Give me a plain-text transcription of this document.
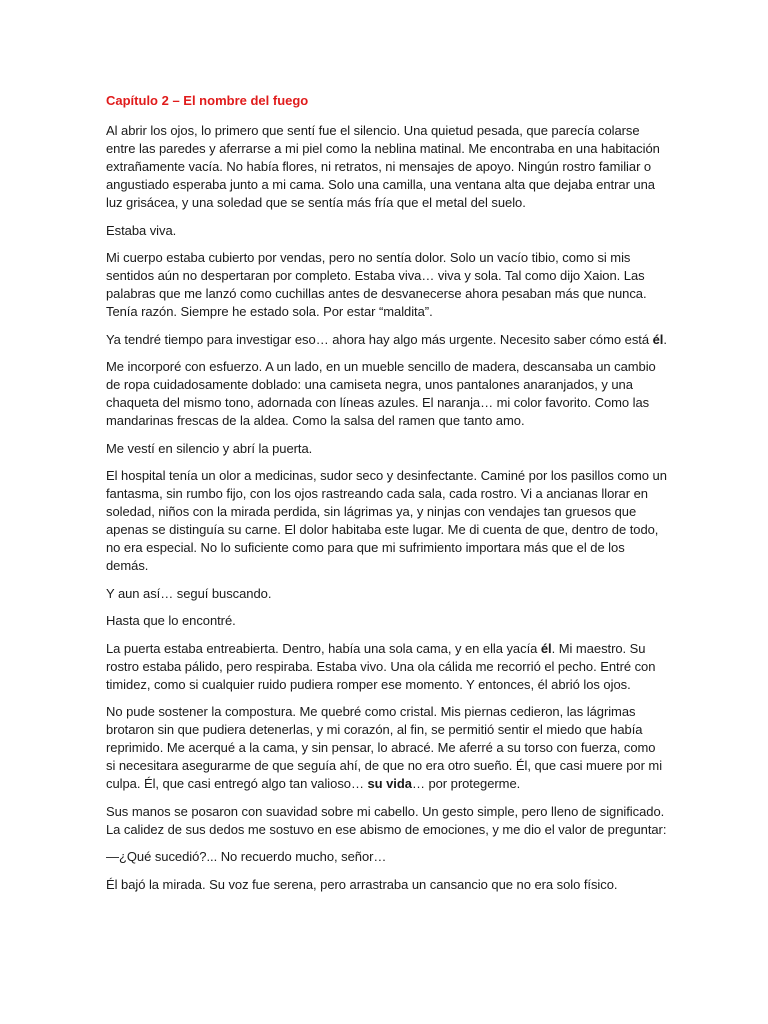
Capítulo 2 – El nombre del fuego

Al abrir los ojos, lo primero que sentí fue el silencio. Una quietud pesada, que parecía colarse entre las paredes y aferrarse a mi piel como la neblina matinal. Me encontraba en una habitación extrañamente vacía. No había flores, ni retratos, ni mensajes de apoyo. Ningún rostro familiar o angustiado esperaba junto a mi cama. Solo una camilla, una ventana alta que dejaba entrar una luz grisácea, y una soledad que se sentía más fría que el metal del suelo.

Estaba viva.

Mi cuerpo estaba cubierto por vendas, pero no sentía dolor. Solo un vacío tibio, como si mis sentidos aún no despertaran por completo. Estaba viva… viva y sola. Tal como dijo Xaion. Las palabras que me lanzó como cuchillas antes de desvanecerse ahora pesaban más que nunca. Tenía razón. Siempre he estado sola. Por estar “maldita”.

Ya tendré tiempo para investigar eso… ahora hay algo más urgente. Necesito saber cómo está él.

Me incorporé con esfuerzo. A un lado, en un mueble sencillo de madera, descansaba un cambio de ropa cuidadosamente doblado: una camiseta negra, unos pantalones anaranjados, y una chaqueta del mismo tono, adornada con líneas azules. El naranja… mi color favorito. Como las mandarinas frescas de la aldea. Como la salsa del ramen que tanto amo.

Me vestí en silencio y abrí la puerta.

El hospital tenía un olor a medicinas, sudor seco y desinfectante. Caminé por los pasillos como un fantasma, sin rumbo fijo, con los ojos rastreando cada sala, cada rostro. Vi a ancianas llorar en soledad, niños con la mirada perdida, sin lágrimas ya, y ninjas con vendajes tan gruesos que apenas se distinguía su carne. El dolor habitaba este lugar. Me di cuenta de que, dentro de todo, no era especial. No lo suficiente como para que mi sufrimiento importara más que el de los demás.

Y aun así… seguí buscando.

Hasta que lo encontré.

La puerta estaba entreabierta. Dentro, había una sola cama, y en ella yacía él. Mi maestro. Su rostro estaba pálido, pero respiraba. Estaba vivo. Una ola cálida me recorrió el pecho. Entré con timidez, como si cualquier ruido pudiera romper ese momento. Y entonces, él abrió los ojos.

No pude sostener la compostura. Me quebré como cristal. Mis piernas cedieron, las lágrimas brotaron sin que pudiera detenerlas, y mi corazón, al fin, se permitió sentir el miedo que había reprimido. Me acerqué a la cama, y sin pensar, lo abracé. Me aferré a su torso con fuerza, como si necesitara asegurarme de que seguía ahí, de que no era otro sueño. Él, que casi muere por mi culpa. Él, que casi entregó algo tan valioso… su vida… por protegerme.

Sus manos se posaron con suavidad sobre mi cabello. Un gesto simple, pero lleno de significado. La calidez de sus dedos me sostuvo en ese abismo de emociones, y me dio el valor de preguntar:

—¿Qué sucedió?... No recuerdo mucho, señor…

Él bajó la mirada. Su voz fue serena, pero arrastraba un cansancio que no era solo físico.
